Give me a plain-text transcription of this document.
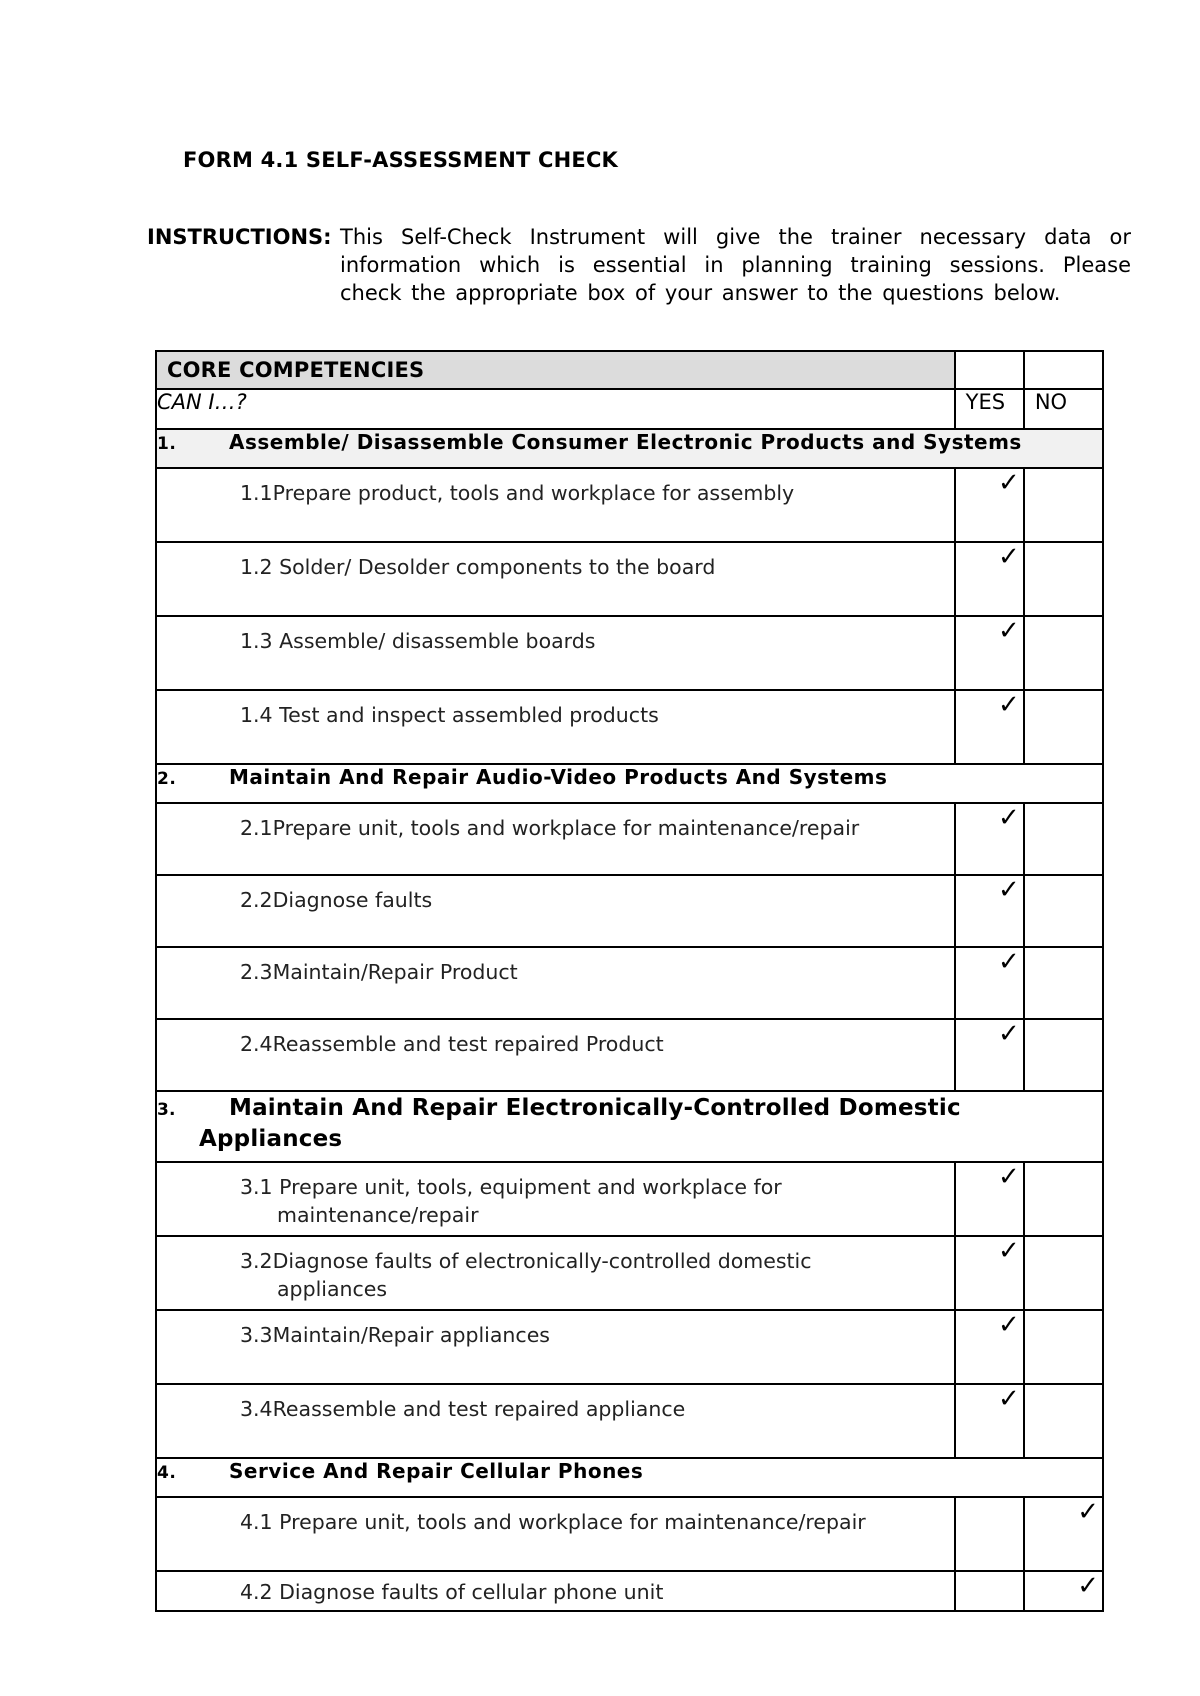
FORM 4.1 SELF-ASSESSMENT CHECK
INSTRUCTIONS: This Self-Check Instrument will give the trainer necessary data or information which is essential in planning training sessions. Please check the appropriate box of your answer to the questions below.
CORE COMPETENCIES		
CAN I…?	YES	NO
1. Assemble/ Disassemble Consumer Electronic Products and Systems		
1.1Prepare product, tools and workplace for assembly	✓	

1.2 Solder/ Desolder components to the board	✓	

1.3 Assemble/ disassemble boards	✓	

1.4 Test and inspect assembled products	✓	

2. Maintain And Repair Audio-Video Products And Systems		
2.1Prepare unit, tools and workplace for maintenance/repair	✓	

2.2Diagnose faults	✓	

2.3Maintain/Repair Product	✓	

2.4Reassemble and test repaired Product	✓	

3. Maintain And Repair Electronically-Controlled Domestic
Appliances		

3.1 Prepare unit, tools, equipment and workplace for
maintenance/repair	✓	

3.2Diagnose faults of electronically-controlled domestic
appliances	✓	

3.3Maintain/Repair appliances	✓	

3.4Reassemble and test repaired appliance	✓	

4. Service And Repair Cellular Phones		
4.1 Prepare unit, tools and workplace for maintenance/repair		✓

4.2 Diagnose faults of cellular phone unit		✓
